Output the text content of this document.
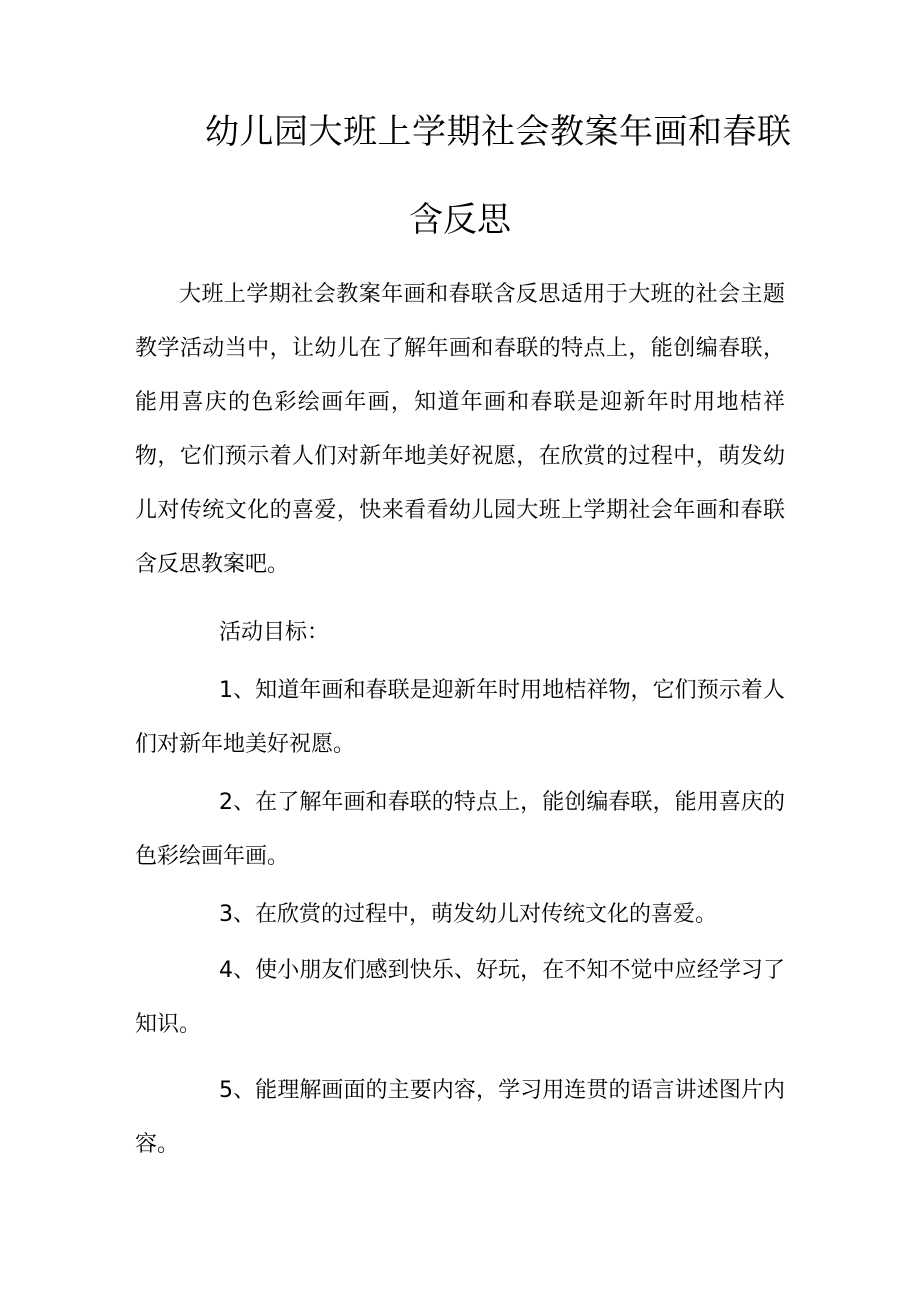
幼儿园大班上学期社会教案年画和春联
含反思

大班上学期社会教案年画和春联含反思适用于大班的社会主题教学活动当中，让幼儿在了解年画和春联的特点上，能创编春联，能用喜庆的色彩绘画年画，知道年画和春联是迎新年时用地桔祥物，它们预示着人们对新年地美好祝愿，在欣赏的过程中，萌发幼儿对传统文化的喜爱，快来看看幼儿园大班上学期社会年画和春联含反思教案吧。

活动目标：

1、知道年画和春联是迎新年时用地桔祥物，它们预示着人们对新年地美好祝愿。

2、在了解年画和春联的特点上，能创编春联，能用喜庆的色彩绘画年画。

3、在欣赏的过程中，萌发幼儿对传统文化的喜爱。

4、使小朋友们感到快乐、好玩，在不知不觉中应经学习了知识。

5、能理解画面的主要内容，学习用连贯的语言讲述图片内容。
